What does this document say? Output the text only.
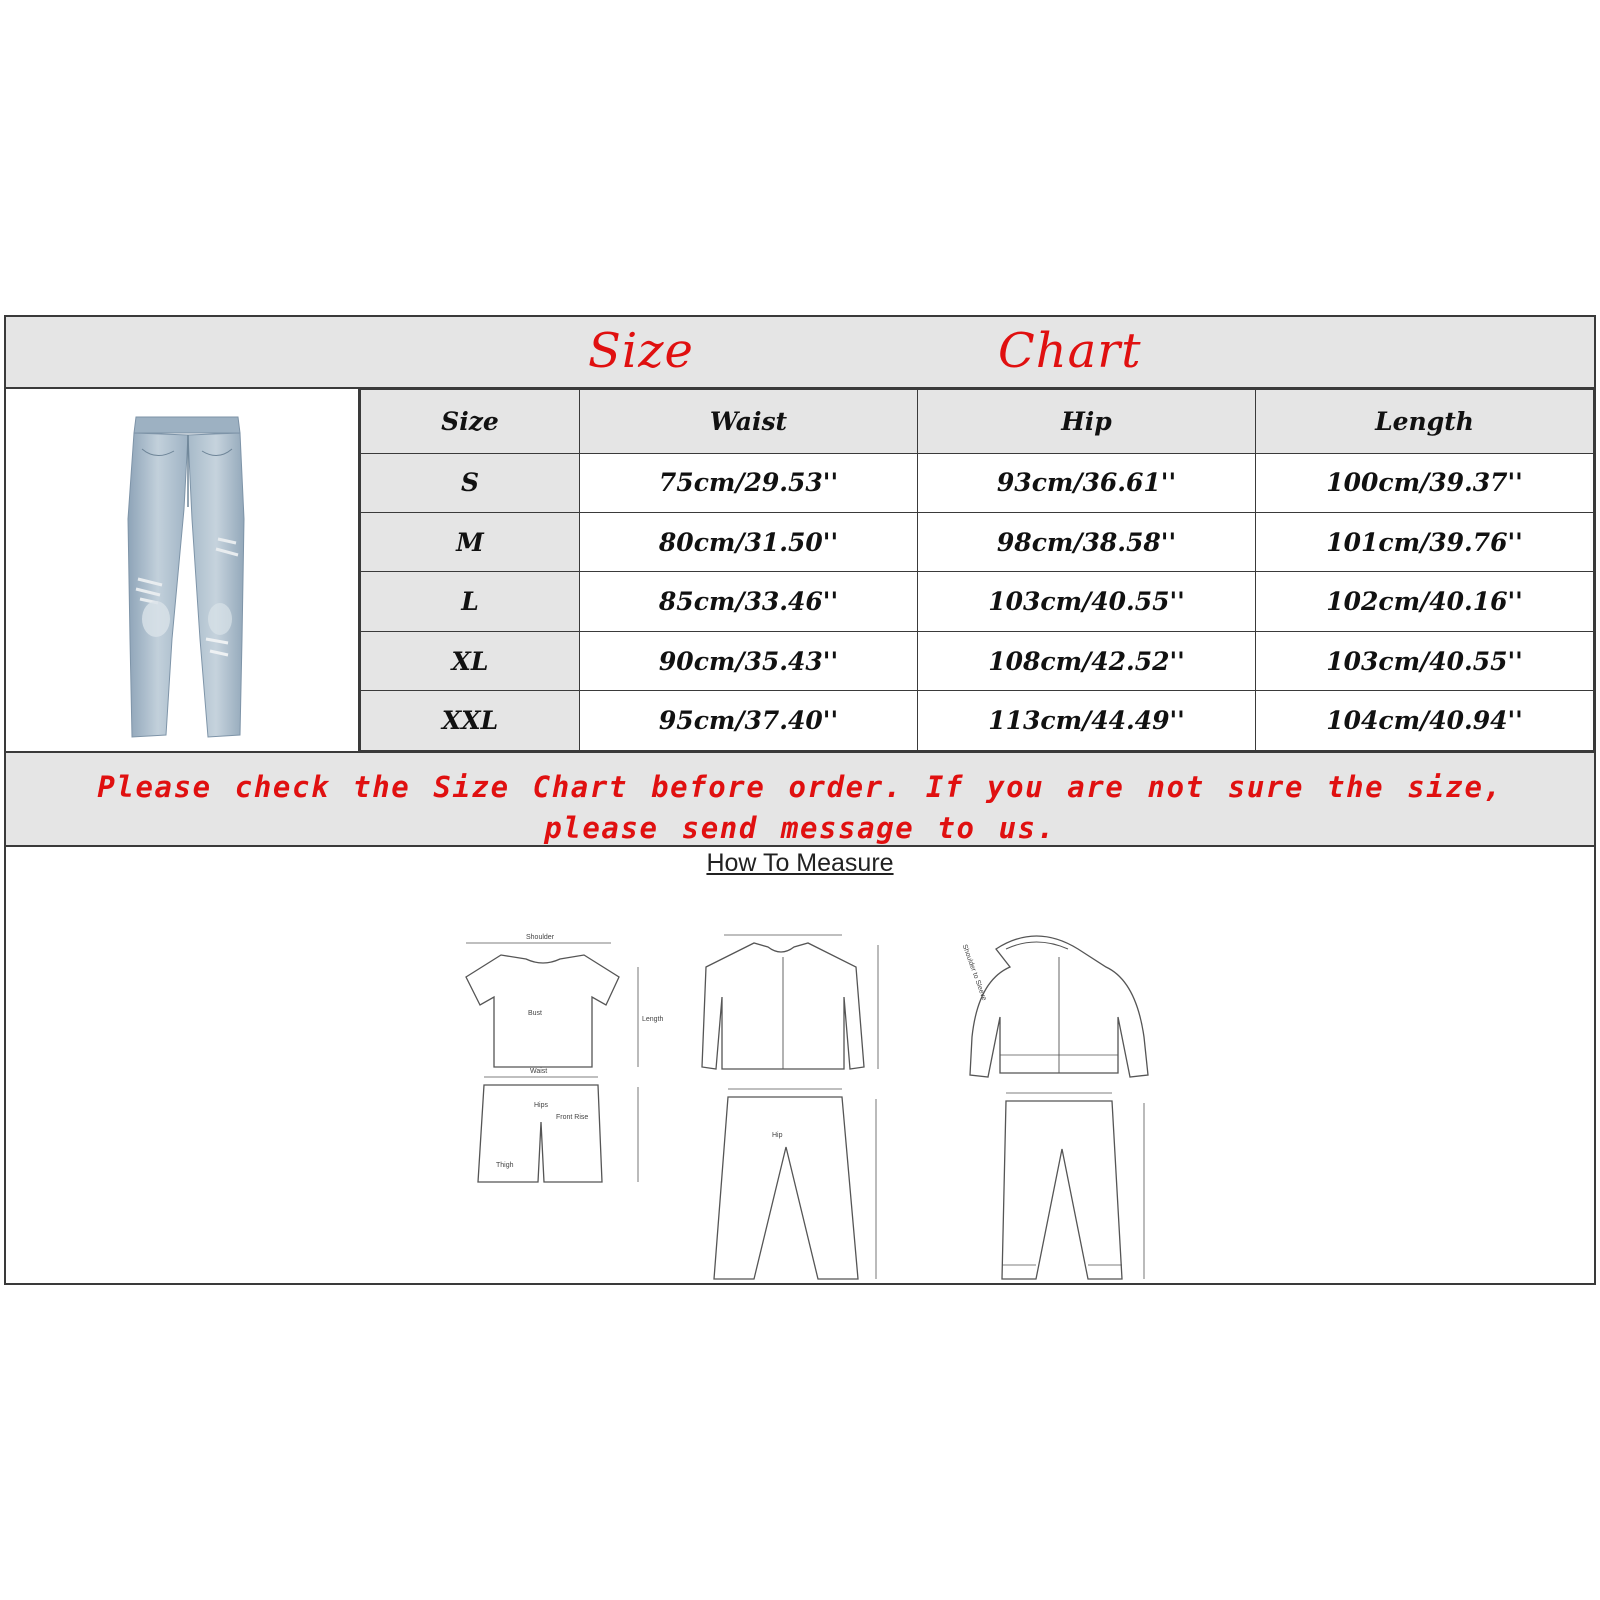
Size	Chart
Size	Waist	Hip	Length
S	75cm/29.53''	93cm/36.61''	100cm/39.37''
M	80cm/31.50''	98cm/38.58''	101cm/39.76''
L	85cm/33.46''	103cm/40.55''	102cm/40.16''
XL	90cm/35.43''	108cm/42.52''	103cm/40.55''
XXL	95cm/37.40''	113cm/44.49''	104cm/40.94''
Please check the Size Chart before order. If you are not sure the size, please send message to us.
How To Measure
Shoulder
Bust
Length
Waist
Hips
Front Rise
Thigh
Hip
Shoulder to Sleeve
